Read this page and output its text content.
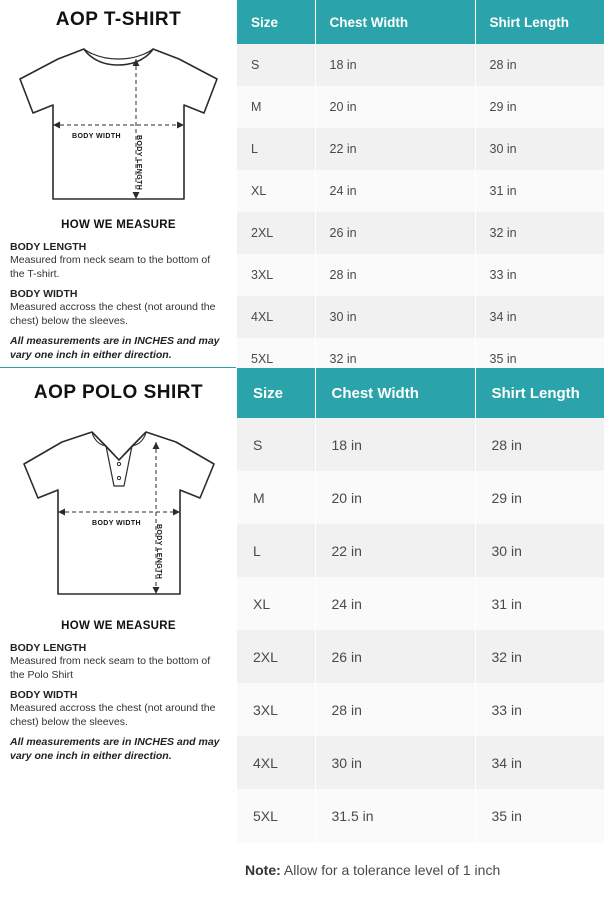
AOP T-SHIRT
BODY WIDTH BODY LENGTH
HOW WE MEASURE
BODY LENGTH
Measured from neck seam to the bottom of the T-shirt.
BODY WIDTH
Measured accross the chest (not around the chest) below the sleeves.
All measurements are in INCHES and may vary one inch in either direction.
Size	Chest Width	Shirt Length
S	18 in	28 in
M	20 in	29 in
L	22 in	30 in
XL	24 in	31 in
2XL	26 in	32 in
3XL	28 in	33 in
4XL	30 in	34 in
5XL	32 in	35 in
AOP POLO SHIRT
BODY WIDTH
BODY LENGTH
HOW WE MEASURE
BODY LENGTH
Measured from neck seam to the bottom of the Polo Shirt
BODY WIDTH
Measured accross the chest (not around the chest) below the sleeves.
All measurements are in INCHES and may vary one inch in either direction.
Size	Chest Width	Shirt Length
S	18 in	28 in
M	20 in	29 in
L	22 in	30 in
XL	24 in	31 in
2XL	26 in	32 in
3XL	28 in	33 in
4XL	30 in	34 in
5XL	31.5 in	35 in
Note: Allow for a tolerance level of 1 inch
